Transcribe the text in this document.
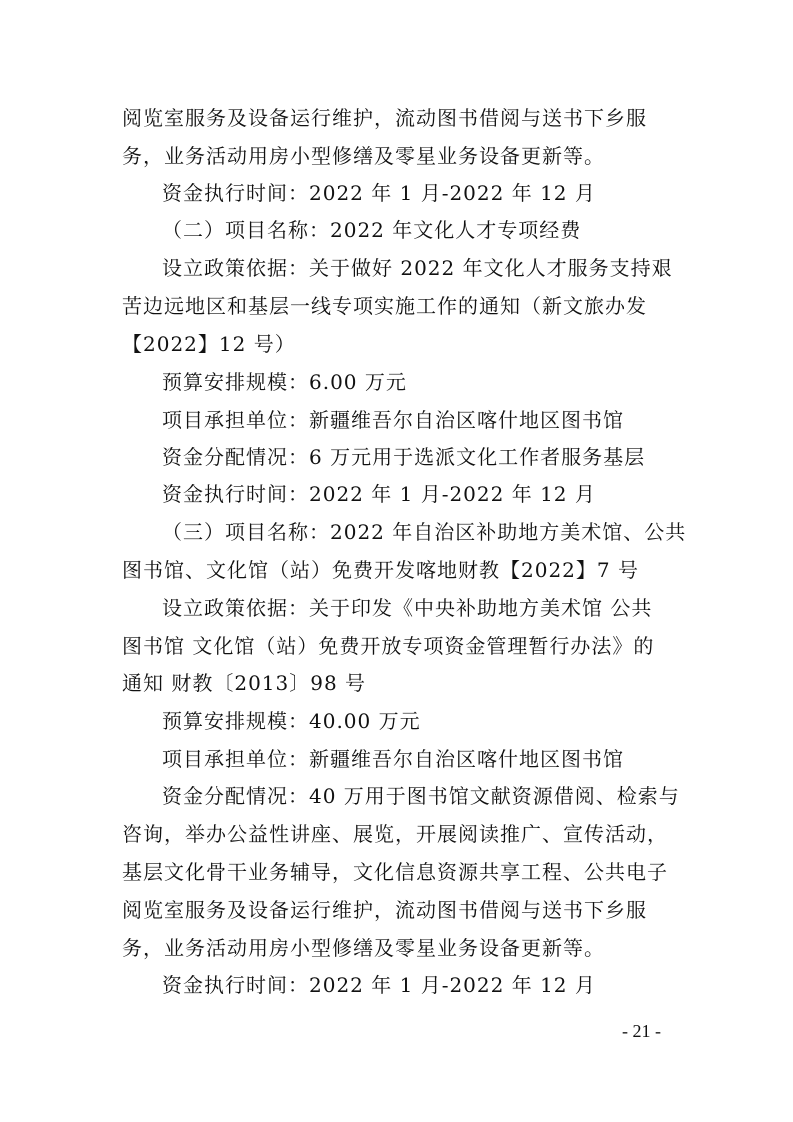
阅览室服务及设备运行维护，流动图书借阅与送书下乡服
务，业务活动用房小型修缮及零星业务设备更新等。
资金执行时间：2022 年 1 月-2022 年 12 月
（二）项目名称：2022 年文化人才专项经费
设立政策依据：关于做好 2022 年文化人才服务支持艰
苦边远地区和基层一线专项实施工作的通知（新文旅办发
【2022】12 号）
预算安排规模：6.00 万元
项目承担单位：新疆维吾尔自治区喀什地区图书馆
资金分配情况：6 万元用于选派文化工作者服务基层
资金执行时间：2022 年 1 月-2022 年 12 月
（三）项目名称：2022 年自治区补助地方美术馆、公共
图书馆、文化馆（站）免费开发喀地财教【2022】7 号
设立政策依据：关于印发《中央补助地方美术馆 公共
图书馆 文化馆（站）免费开放专项资金管理暂行办法》的
通知 财教〔2013〕98 号
预算安排规模：40.00 万元
项目承担单位：新疆维吾尔自治区喀什地区图书馆
资金分配情况：40 万用于图书馆文献资源借阅、检索与
咨询，举办公益性讲座、展览，开展阅读推广、宣传活动，
基层文化骨干业务辅导，文化信息资源共享工程、公共电子
阅览室服务及设备运行维护，流动图书借阅与送书下乡服
务，业务活动用房小型修缮及零星业务设备更新等。
资金执行时间：2022 年 1 月-2022 年 12 月
- 21 -
